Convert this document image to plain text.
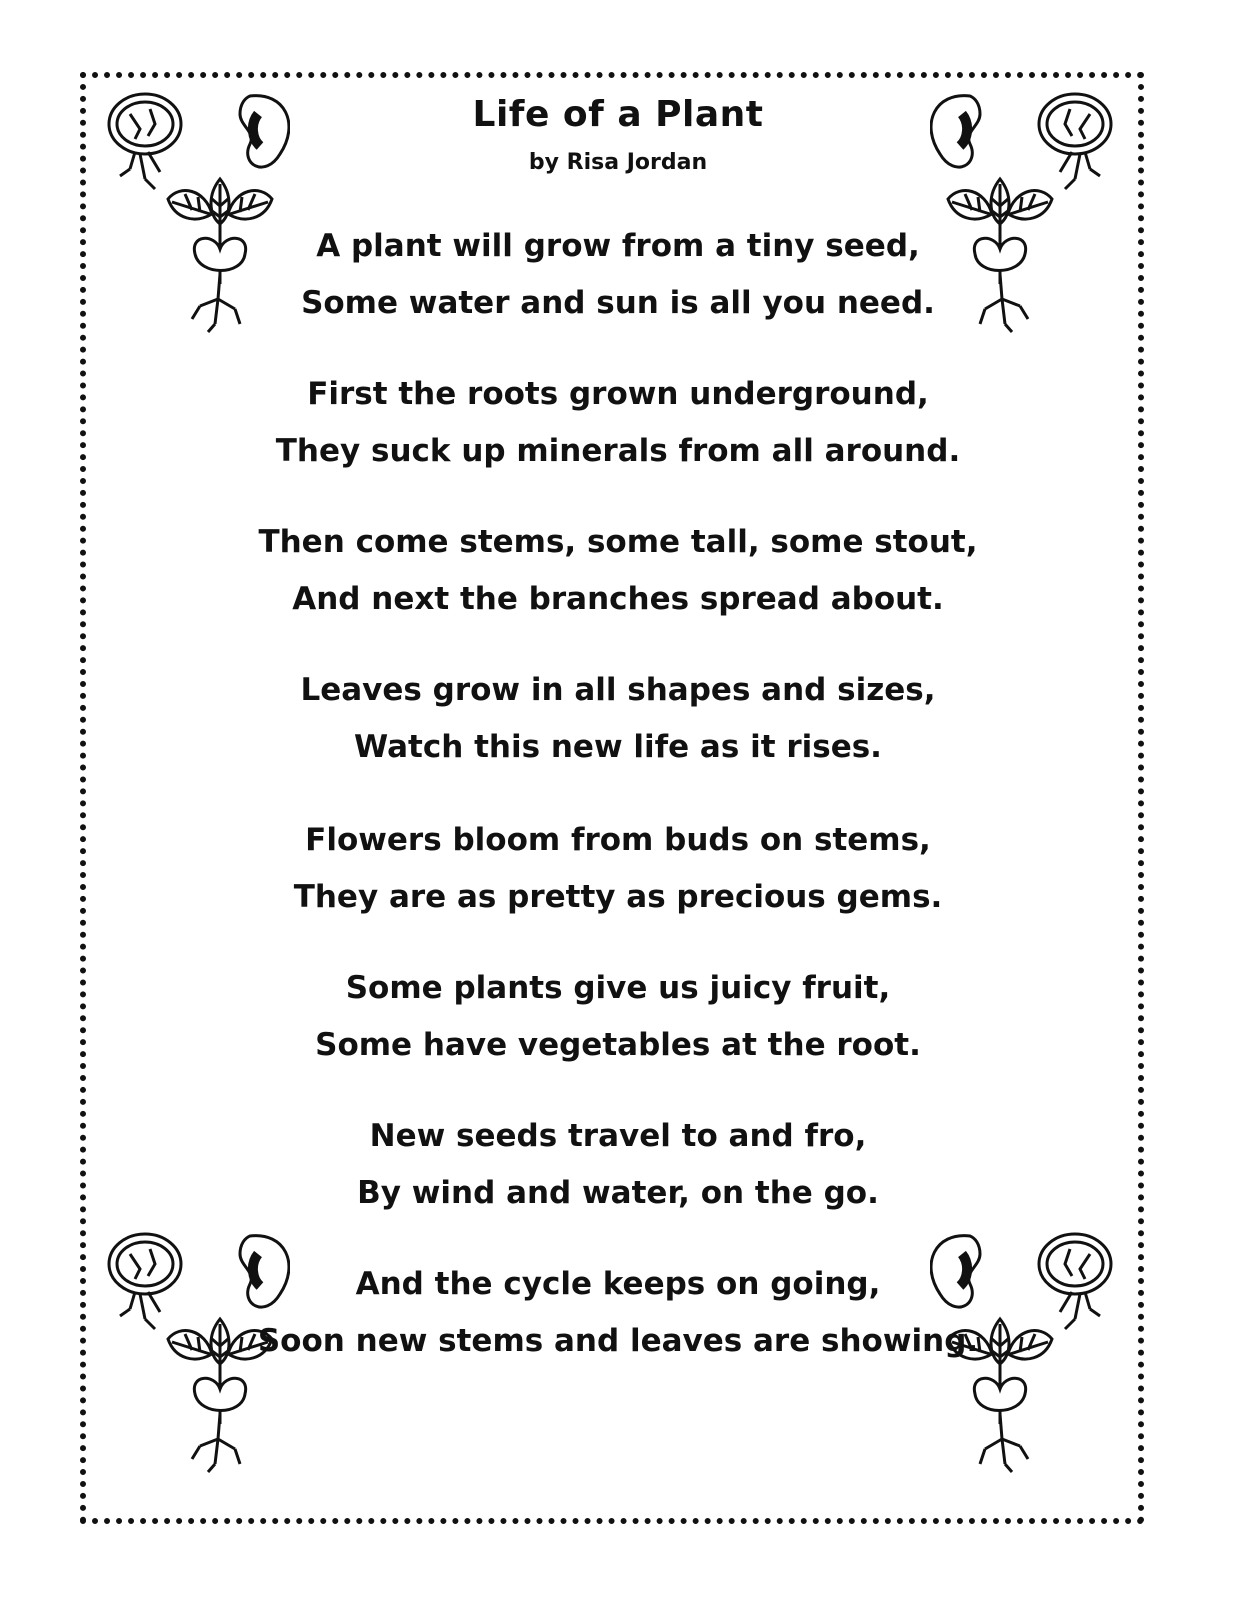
Life of a Plant

by Risa Jordan

A plant will grow from a tiny seed,
Some water and sun is all you need.
First the roots grown underground,
They suck up minerals from all around.
Then come stems, some tall, some stout,
And next the branches spread about.
Leaves grow in all shapes and sizes,
Watch this new life as it rises.
Flowers bloom from buds on stems,
They are as pretty as precious gems.
Some plants give us juicy fruit,
Some have vegetables at the root.
New seeds travel to and fro,
By wind and water, on the go.
And the cycle keeps on going,
Soon new stems and leaves are showing.
